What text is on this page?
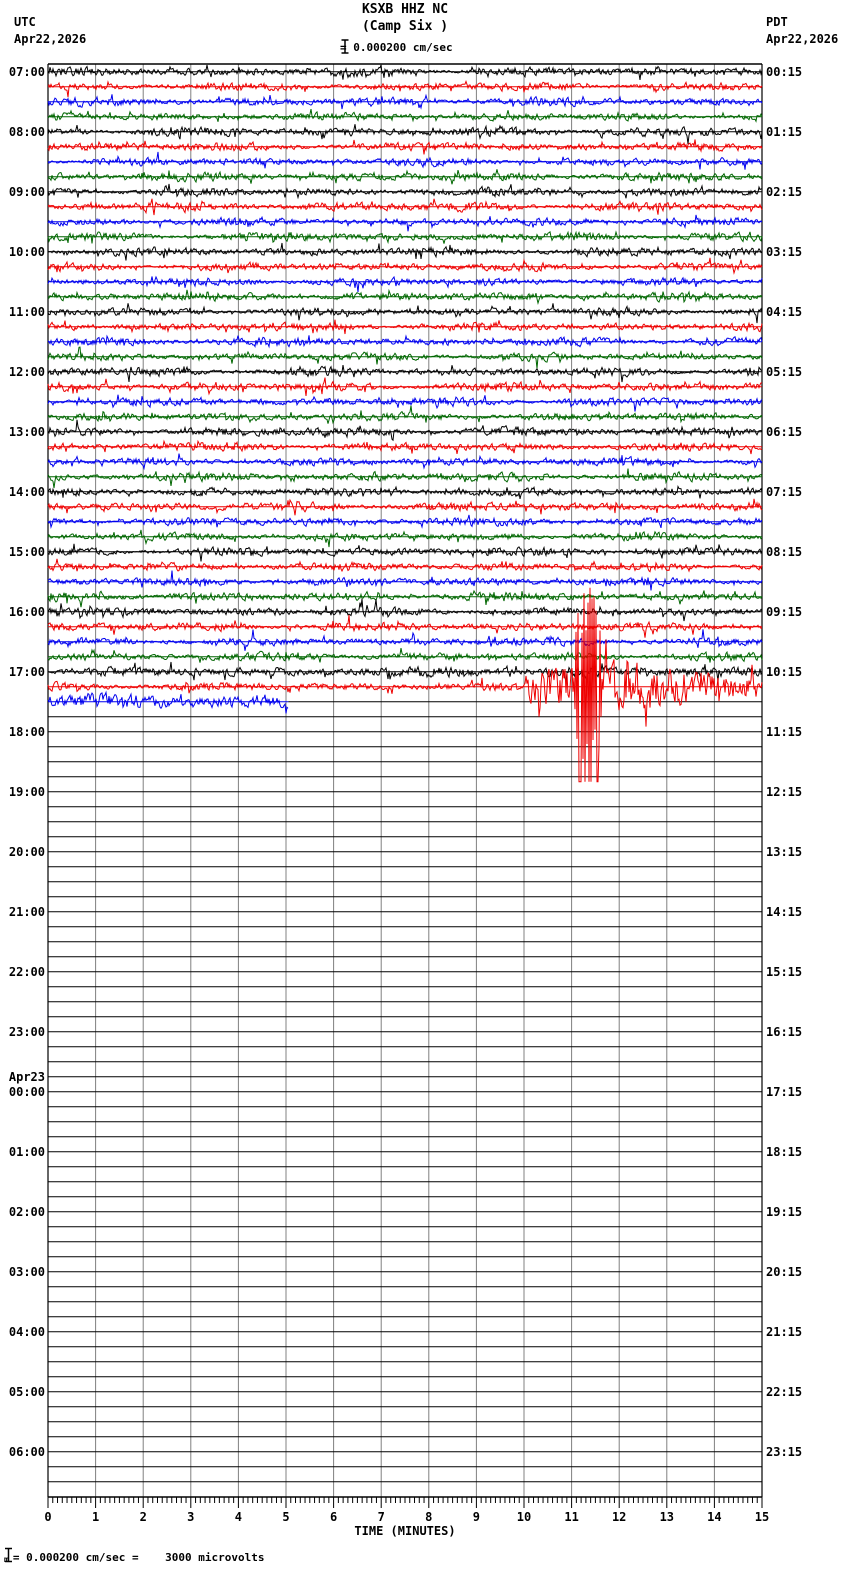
KSXB HHZ NC
(Camp Six )
= 0.000200 cm/sec
UTC
Apr22,2026
PDT
Apr22,2026
07:00
08:00
09:00
10:00
11:00
12:00
13:00
14:00
15:00
16:00
17:00
18:00
19:00
20:00
21:00
22:00
23:00
00:00
01:00
02:00
03:00
04:00
05:00
06:00
00:15
01:15
02:15
03:15
04:15
05:15
06:15
07:15
08:15
09:15
10:15
11:15
12:15
13:15
14:15
15:15
16:15
17:15
18:15
19:15
20:15
21:15
22:15
23:15
Apr23
0	1	2	3	4	5	6	7	8	9	10	11	12	13	14	15
TIME (MINUTES)
m = 0.000200 cm/sec =    3000 microvolts
